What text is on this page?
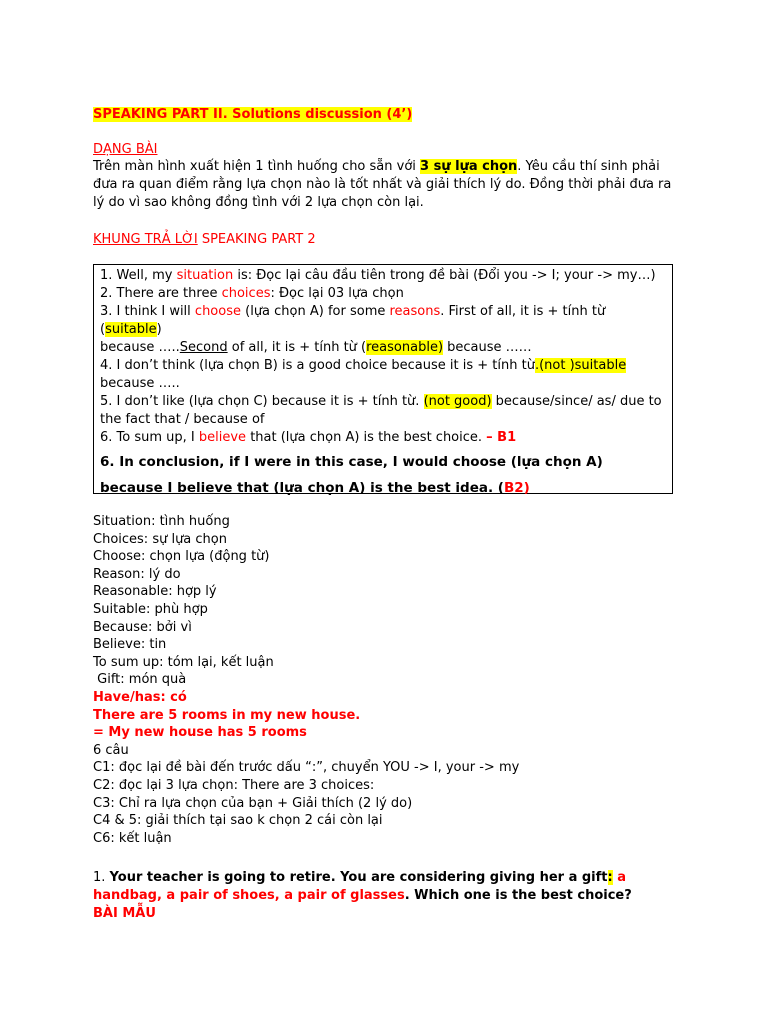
SPEAKING PART II. Solutions discussion (4’)
DẠNG BÀI
Trên màn hình xuất hiện 1 tình huống cho sẵn với 3 sự lựa chọn. Yêu cầu thí sinh phải đưa ra quan điểm rằng lựa chọn nào là tốt nhất và giải thích lý do. Đồng thời phải đưa ra lý do vì sao không đồng tình với 2 lựa chọn còn lại.
KHUNG TRẢ LỜI SPEAKING PART 2
1. Well, my situation is: Đọc lại câu đầu tiên trong đề bài (Đổi you -> I; your -> my…)
2. There are three choices: Đọc lại 03 lựa chọn
3. I think I will choose (lựa chọn A) for some reasons. First of all, it is + tính từ (suitable)
because …..Second of all, it is + tính từ (reasonable) because ……
4. I don’t think (lựa chọn B) is a good choice because it is + tính từ.(not )suitable because …..
5. I don’t like (lựa chọn C) because it is + tính từ. (not good) because/since/ as/ due to the fact that / because of
6. To sum up, I believe that (lựa chọn A) is the best choice. – B1
6. In conclusion, if I were in this case, I would choose (lựa chọn A) because I believe that (lựa chọn A) is the best idea. (B2)
Situation: tình huống
Choices: sự lựa chọn
Choose: chọn lựa (động từ)
Reason: lý do
Reasonable: hợp lý
Suitable: phù hợp
Because: bởi vì
Believe: tin
To sum up: tóm lại, kết luận
Gift: món quà
Have/has: có
There are 5 rooms in my new house.
= My new house has 5 rooms
6 câu
C1: đọc lại đề bài đến trước dấu “:”, chuyển YOU -> I, your -> my
C2: đọc lại 3 lựa chọn: There are 3 choices:
C3: Chỉ ra lựa chọn của bạn + Giải thích (2 lý do)
C4 & 5: giải thích tại sao k chọn 2 cái còn lại
C6: kết luận
1. Your teacher is going to retire. You are considering giving her a gift: a handbag, a pair of shoes, a pair of glasses. Which one is the best choice?
BÀI MẪU
